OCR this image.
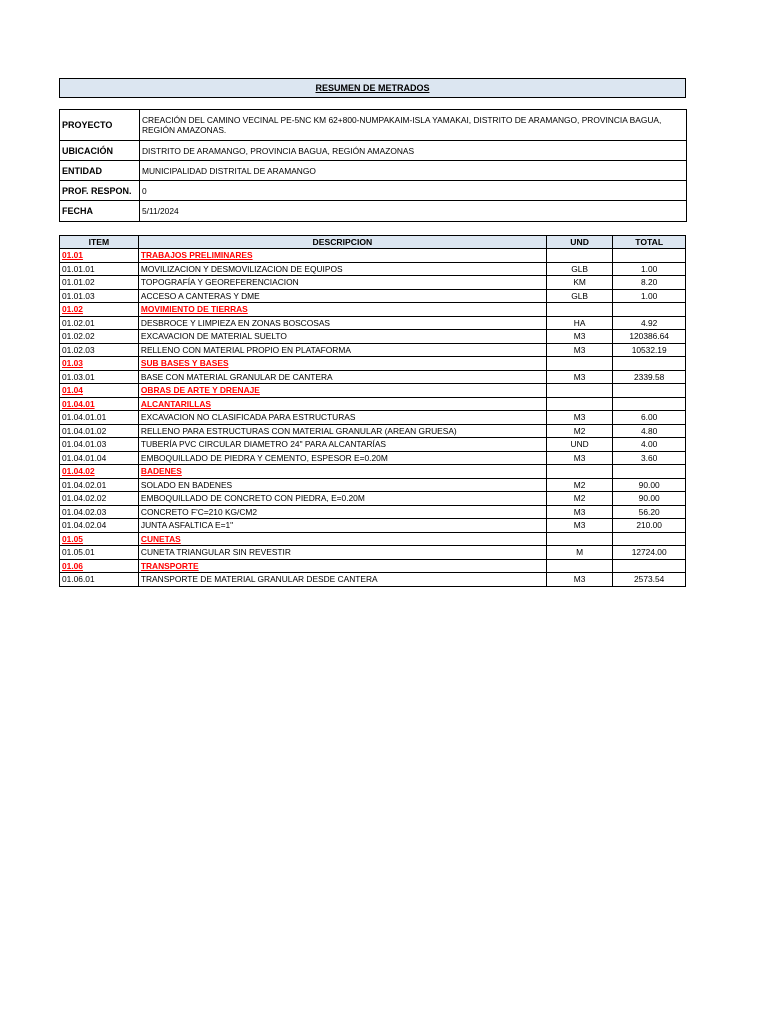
RESUMEN DE METRADOS
PROYECTO	CREACIÓN DEL CAMINO VECINAL PE-5NC KM 62+800-NUMPAKAIM-ISLA YAMAKAI, DISTRITO DE ARAMANGO, PROVINCIA BAGUA, REGIÓN AMAZONAS.
UBICACIÓN	DISTRITO DE ARAMANGO, PROVINCIA BAGUA, REGIÓN AMAZONAS
ENTIDAD	MUNICIPALIDAD DISTRITAL DE ARAMANGO
PROF. RESPON.	0
FECHA	5/11/2024
ITEM	DESCRIPCION	UND	TOTAL
01.01	TRABAJOS PRELIMINARES		
01.01.01	MOVILIZACION Y DESMOVILIZACION DE EQUIPOS	GLB	1.00
01.01.02	TOPOGRAFÍA Y GEOREFERENCIACION	KM	8.20
01.01.03	ACCESO A CANTERAS Y DME	GLB	1.00
01.02	MOVIMIENTO DE TIERRAS		
01.02.01	DESBROCE Y LIMPIEZA EN ZONAS BOSCOSAS	HA	4.92
01.02.02	EXCAVACION DE MATERIAL SUELTO	M3	120386.64
01.02.03	RELLENO CON MATERIAL PROPIO EN PLATAFORMA	M3	10532.19
01.03	SUB BASES Y BASES		
01.03.01	BASE CON MATERIAL GRANULAR DE CANTERA	M3	2339.58
01.04	OBRAS DE ARTE Y DRENAJE		
01.04.01	ALCANTARILLAS		
01.04.01.01	EXCAVACION NO CLASIFICADA PARA ESTRUCTURAS	M3	6.00
01.04.01.02	RELLENO PARA ESTRUCTURAS CON MATERIAL GRANULAR (AREAN GRUESA)	M2	4.80
01.04.01.03	TUBERÍA PVC CIRCULAR DIAMETRO 24" PARA ALCANTARÍAS	UND	4.00
01.04.01.04	EMBOQUILLADO DE PIEDRA Y CEMENTO, ESPESOR E=0.20M	M3	3.60
01.04.02	BADENES		
01.04.02.01	SOLADO EN BADENES	M2	90.00
01.04.02.02	EMBOQUILLADO DE CONCRETO CON PIEDRA, E=0.20M	M2	90.00
01.04.02.03	CONCRETO F'C=210 KG/CM2	M3	56.20
01.04.02.04	JUNTA ASFALTICA E=1"	M3	210.00
01.05	CUNETAS		
01.05.01	CUNETA TRIANGULAR SIN REVESTIR	M	12724.00
01.06	TRANSPORTE		
01.06.01	TRANSPORTE DE MATERIAL GRANULAR DESDE CANTERA	M3	2573.54
